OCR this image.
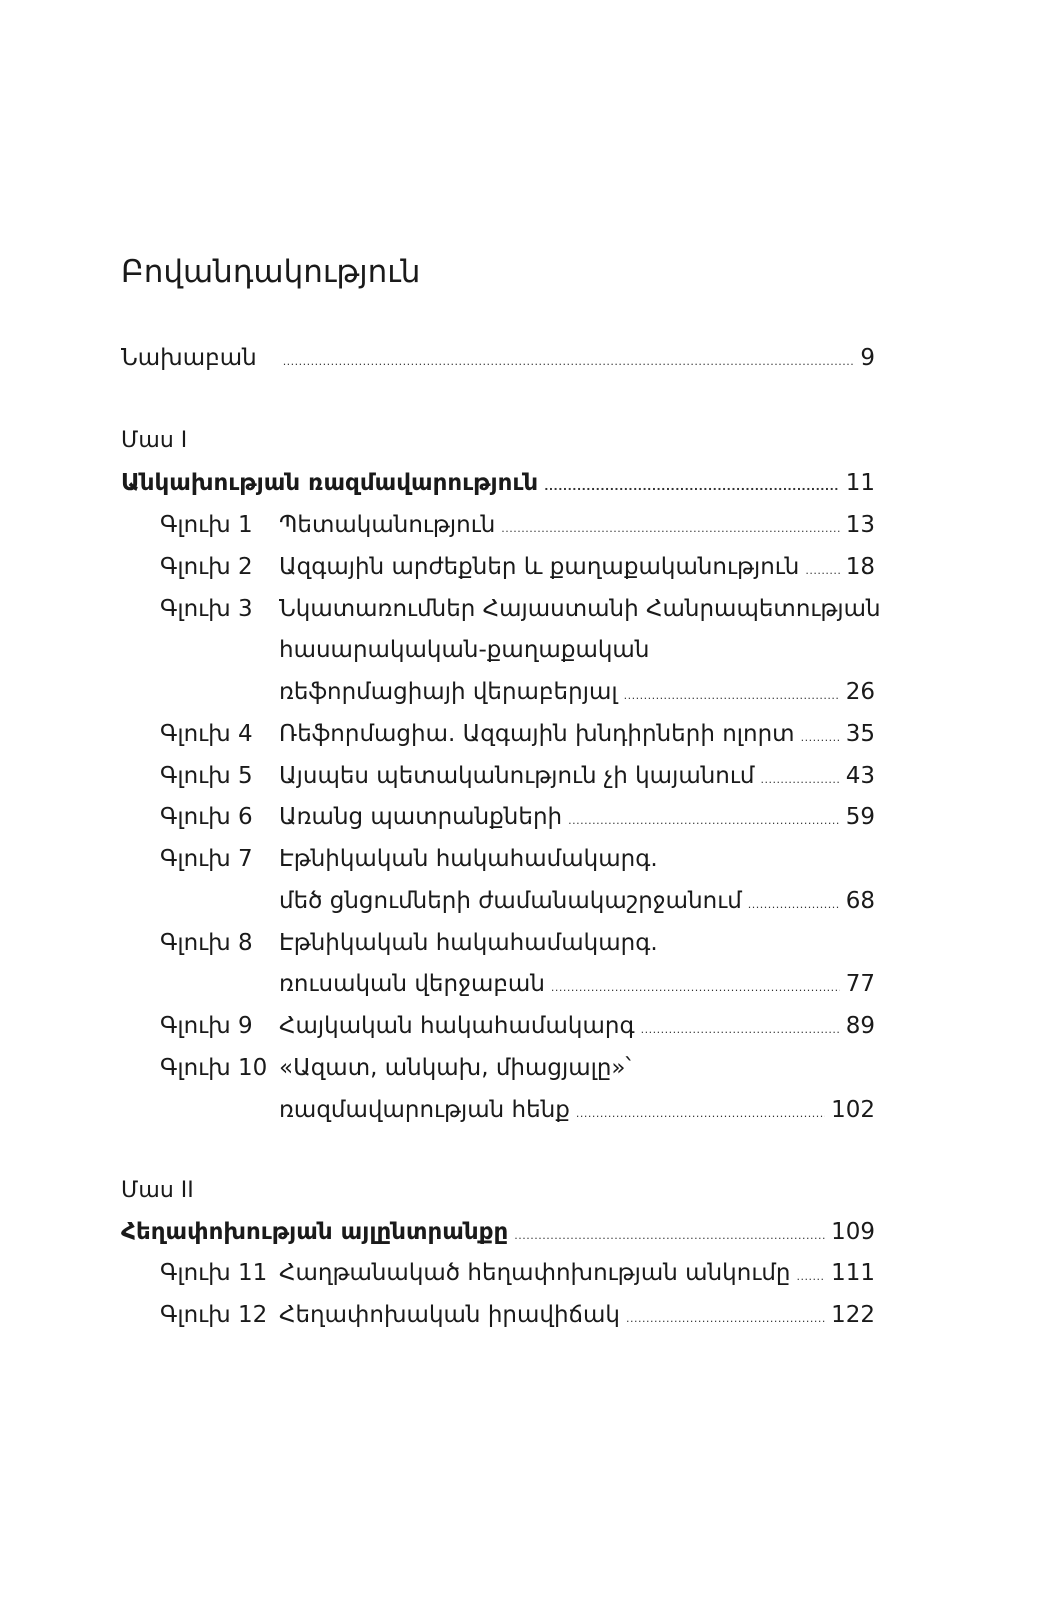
Բովանդակություն
Նախաբան .....	9
Մաս I
Անկախության ռազմավարություն .....	11
Գլուխ 1 Պետականություն .....	13
Գլուխ 2 Ազգային արժեքներ և քաղաքականություն ..... 18
Գլուխ 3 Նկատառումներ Հայաստանի Հանրապետության
հասարակական-քաղաքական
ռեֆորմացիայի վերաբերյալ .....	26
Գլուխ 4 Ռեֆորմացիա. Ազգային խնդիրների ոլորտ ..... 35
Գլուխ 5 Այսպես պետականություն չի կայանում .....	43
Գլուխ 6 Առանց պատրանքների .....	59
Գլուխ 7 Էթնիկական հակահամակարգ.
մեծ ցնցումների ժամանակաշրջանում .....	68
Գլուխ 8 Էթնիկական հակահամակարգ.
ռուսական վերջաբան .....	77
Գլուխ 9 Հայկական հակահամակարգ .....	89
Գլուխ 10 «Ազատ, անկախ, միացյալը»՝
ռազմավարության հենք .....	102
Մաս II
Հեղափոխության այլընտրանքը .....	109
Գլուխ 11 Հաղթանակած հեղափոխության անկումը ..... 111
Գլուխ 12 Հեղափոխական իրավիճակ .....	122
